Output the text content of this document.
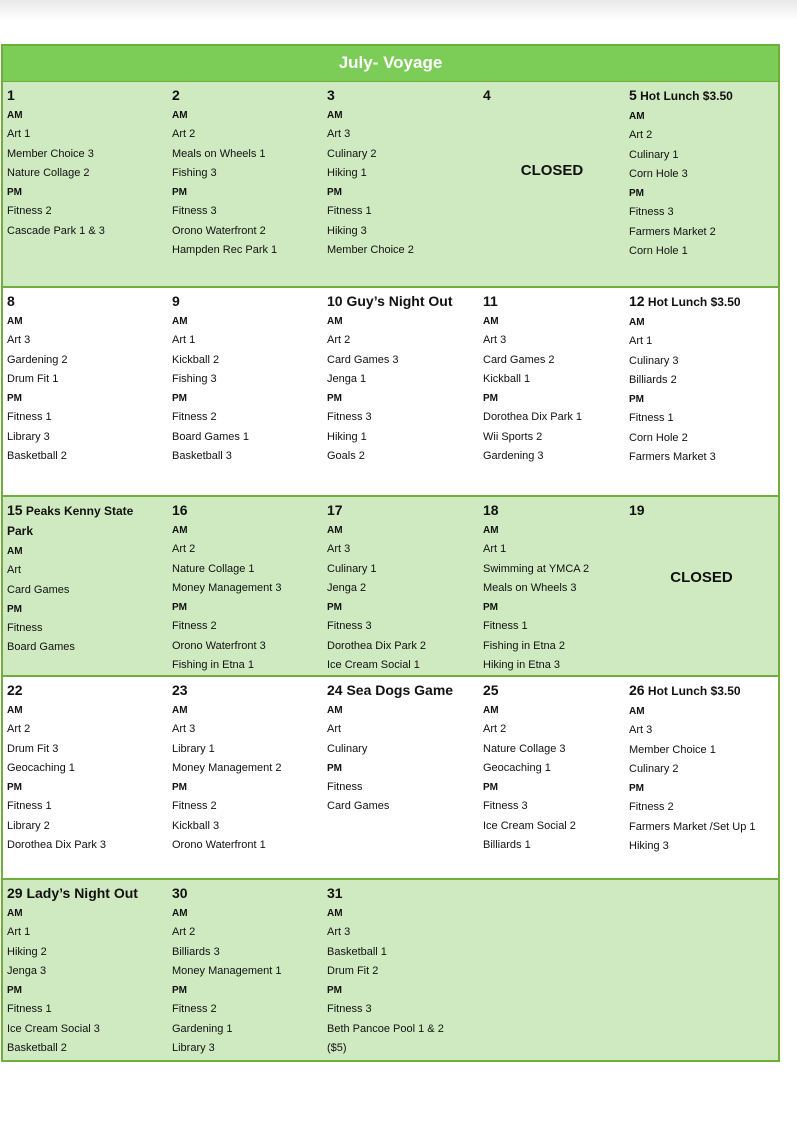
July- Voyage
1
AM
Art 1
Member Choice 3
Nature Collage 2
PM
Fitness 2
Cascade Park 1 & 3
2
AM
Art 2
Meals on Wheels 1
Fishing 3
PM
Fitness 3
Orono Waterfront 2
Hampden Rec Park 1
3
AM
Art 3
Culinary 2
Hiking 1
PM
Fitness 1
Hiking 3
Member Choice 2
4
CLOSED
5 Hot Lunch $3.50
AM
Art 2
Culinary 1
Corn Hole 3
PM
Fitness 3
Farmers Market 2
Corn Hole 1
8
AM
Art 3
Gardening 2
Drum Fit 1
PM
Fitness 1
Library 3
Basketball 2
9
AM
Art 1
Kickball 2
Fishing 3
PM
Fitness 2
Board Games 1
Basketball 3
10 Guy’s Night Out
AM
Art 2
Card Games 3
Jenga 1
PM
Fitness 3
Hiking 1
Goals 2
11
AM
Art 3
Card Games 2
Kickball 1
PM
Dorothea Dix Park 1
Wii Sports 2
Gardening 3
12 Hot Lunch $3.50
AM
Art 1
Culinary 3
Billiards 2
PM
Fitness 1
Corn Hole 2
Farmers Market 3
15 Peaks Kenny State
Park
AM
Art
Card Games
PM
Fitness
Board Games
16
AM
Art 2
Nature Collage 1
Money Management 3
PM
Fitness 2
Orono Waterfront 3
Fishing in Etna 1
17
AM
Art 3
Culinary 1
Jenga 2
PM
Fitness 3
Dorothea Dix Park 2
Ice Cream Social 1
18
AM
Art 1
Swimming at YMCA 2
Meals on Wheels 3
PM
Fitness 1
Fishing in Etna 2
Hiking in Etna 3
19
CLOSED
22
AM
Art 2
Drum Fit 3
Geocaching 1
PM
Fitness 1
Library 2
Dorothea Dix Park 3
23
AM
Art 3
Library 1
Money Management 2
PM
Fitness 2
Kickball 3
Orono Waterfront 1
24 Sea Dogs Game
AM
Art
Culinary
PM
Fitness
Card Games
25
AM
Art 2
Nature Collage 3
Geocaching 1
PM
Fitness 3
Ice Cream Social 2
Billiards 1
26 Hot Lunch $3.50
AM
Art 3
Member Choice 1
Culinary 2
PM
Fitness 2
Farmers Market /Set Up 1
Hiking 3
29 Lady’s Night Out
AM
Art 1
Hiking 2
Jenga 3
PM
Fitness 1
Ice Cream Social 3
Basketball 2
30
AM
Art 2
Billiards 3
Money Management 1
PM
Fitness 2
Gardening 1
Library 3
31
AM
Art 3
Basketball 1
Drum Fit 2
PM
Fitness 3
Beth Pancoe Pool 1 & 2
($5)
